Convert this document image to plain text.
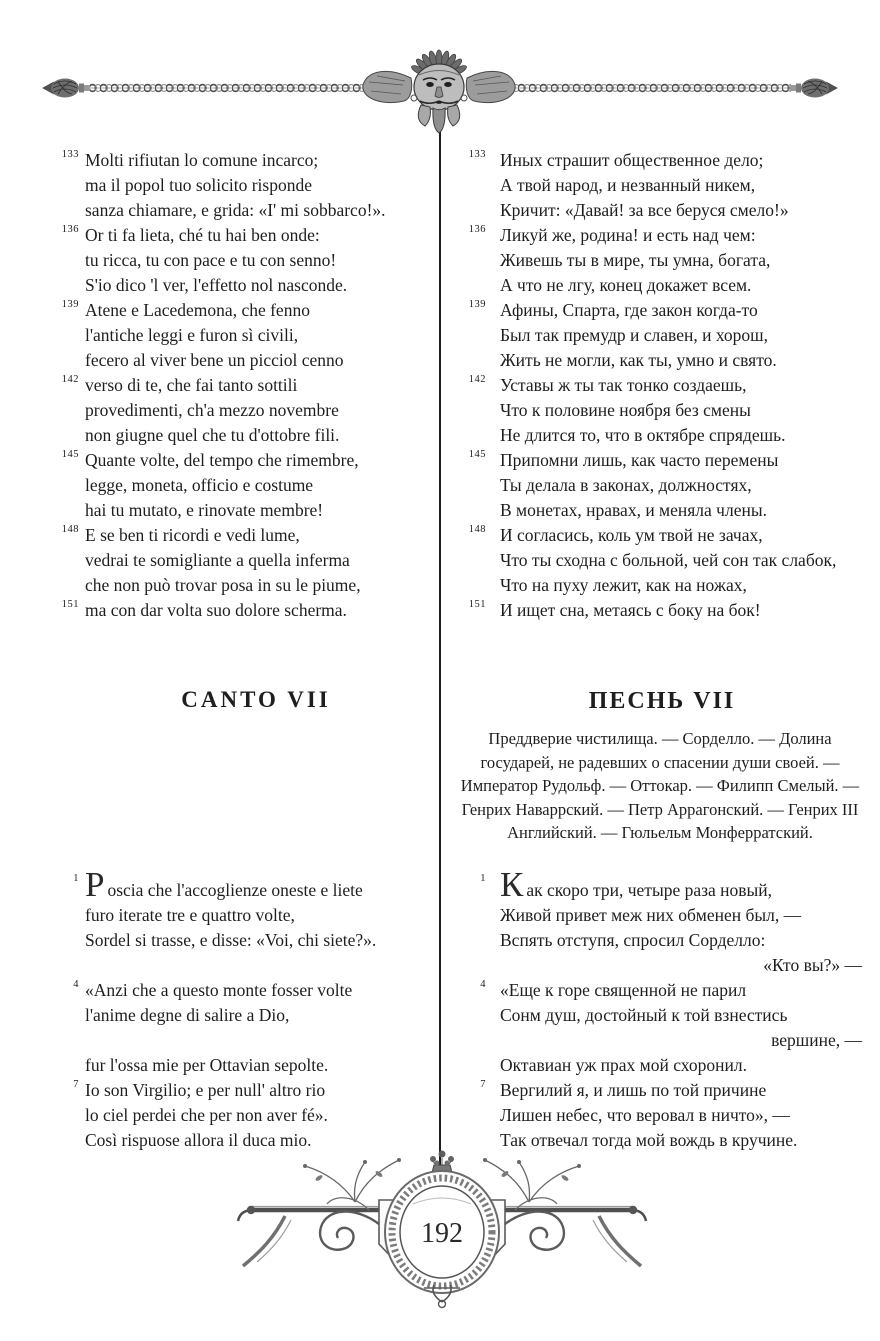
133 Molti rifiutan lo comune incarco;
ma il popol tuo solicito risponde
sanza chiamare, e grida: «I' mi sobbarco!».
136 Or ti fa lieta, ché tu hai ben onde:
tu ricca, tu con pace e tu con senno!
S'io dico 'l ver, l'effetto nol nasconde.
139 Atene e Lacedemona, che fenno
l'antiche leggi e furon sì civili,
fecero al viver bene un picciol cenno
142 verso di te, che fai tanto sottili
provedimenti, ch'a mezzo novembre
non giugne quel che tu d'ottobre fili.
145 Quante volte, del tempo che rimembre,
legge, moneta, officio e costume
hai tu mutato, e rinovate membre!
148 E se ben ti ricordi e vedi lume,
vedrai te somigliante a quella inferma
che non può trovar posa in su le piume,
151 ma con dar volta suo dolore scherma.
133 Иных страшит общественное дело;
А твой народ, и незванный никем,
Кричит: «Давай! за все беруся смело!»
136 Ликуй же, родина! и есть над чем:
Живешь ты в мире, ты умна, богата,
А что не лгу, конец докажет всем.
139 Афины, Спарта, где закон когда-то
Был так премудр и славен, и хорош,
Жить не могли, как ты, умно и свято.
142 Уставы ж ты так тонко создаешь,
Что к половине ноября без смены
Не длится то, что в октябре спрядешь.
145 Припомни лишь, как часто перемены
Ты делала в законах, должностях,
В монетах, нравах, и меняла члены.
148 И согласись, коль ум твой не зачах,
Что ты сходна с больной, чей сон так слабок,
Что на пуху лежит, как на ножах,
151 И ищет сна, метаясь с боку на бок!
CANTO VII	ПЕСНЬ VII
Преддверие чистилища. — Сорделло. — Долина
государей, не радевших о спасении души своей. —
Император Рудольф. — Оттокар. — Филипп Смелый. —
Генрих Наваррский. — Петр Аррагонский. — Генрих III
Английский. — Гюльельм Монферратский.
1 Poscia che l'accoglienze oneste e liete
furo iterate tre e quattro volte,
Sordel si trasse, e disse: «Voi, chi siete?».
4 «Anzi che a questo monte fosser volte
l'anime degne di salire a Dio,
fur l'ossa mie per Ottavian sepolte.
7 Io son Virgilio; e per null' altro rio
lo ciel perdei che per non aver fé».
Così rispuose allora il duca mio.
1 Как скоро три, четыре раза новый,
Живой привет меж них обменен был, —
Вспять отступя, спросил Сорделло:
«Кто вы?» —
4 «Еще к горе священной не парил
Сонм душ, достойный к той взнестись
вершине, —
Октавиан уж прах мой схоронил.
7 Вергилий я, и лишь по той причине
Лишен небес, что веровал в ничто», —
Так отвечал тогда мой вождь в кручине.
192
